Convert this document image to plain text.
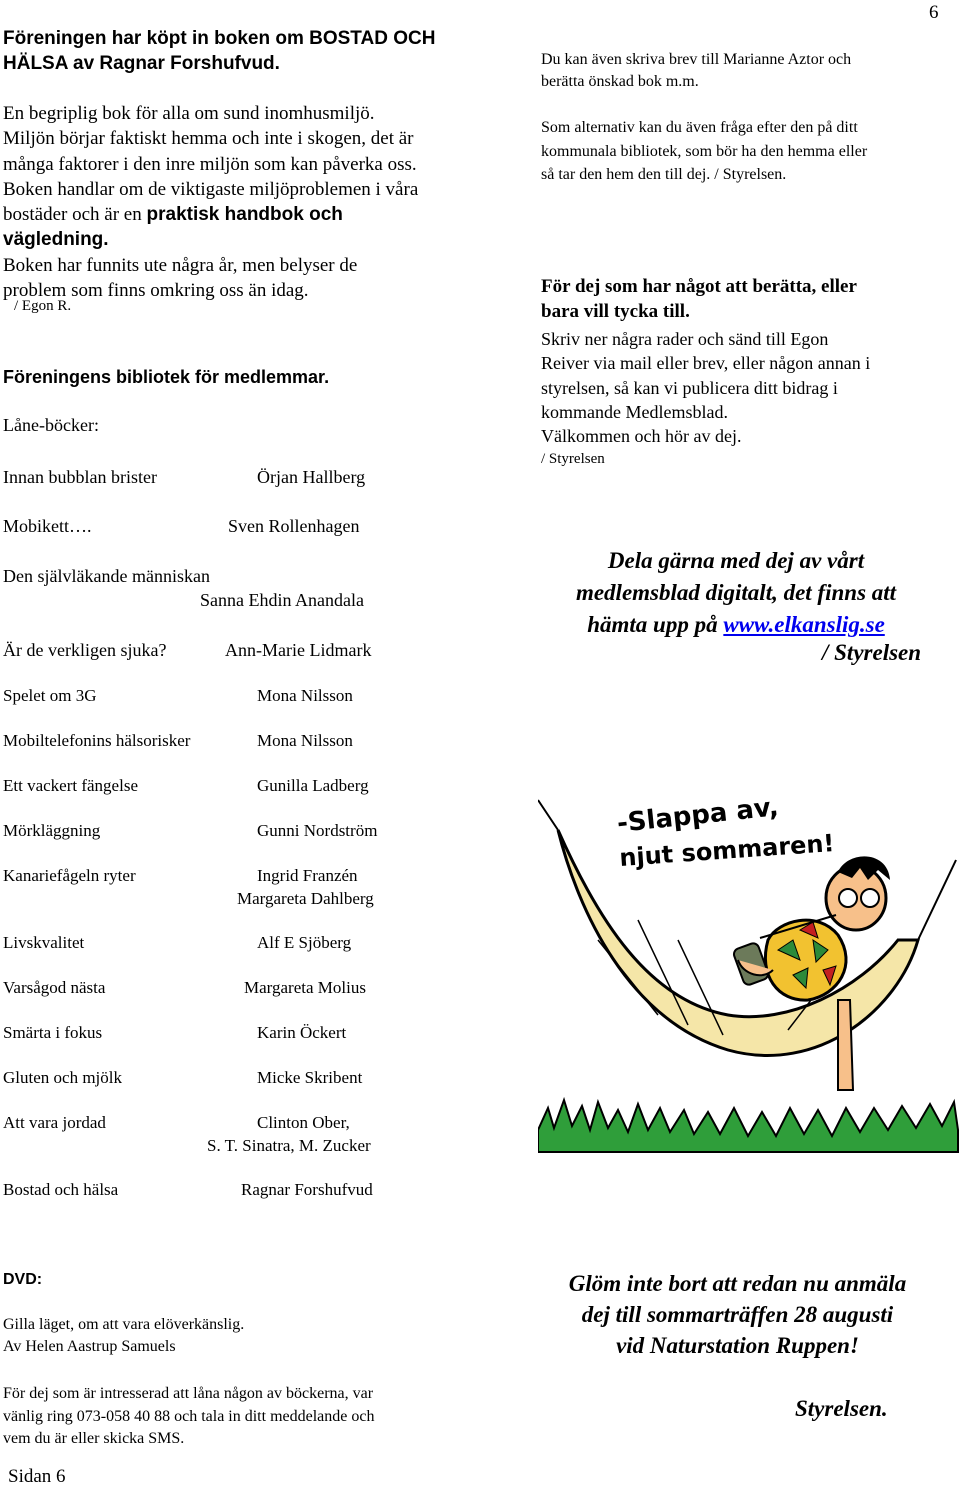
6
Föreningen har köpt in boken om BOSTAD OCH
HÄLSA av Ragnar Forshufvud.
En begriplig bok för alla om sund inomhusmiljö.
Miljön börjar faktiskt hemma och inte i skogen, det är
många faktorer i den inre miljön som kan påverka oss.
Boken handlar om de viktigaste miljöproblemen i våra
bostäder och är en praktisk handbok och
vägledning.
Boken har funnits ute några år, men belyser de
problem som finns omkring oss än idag.
/ Egon R.
Föreningens bibliotek för medlemmar.
Låne-böcker:
Innan bubblan brister	Örjan Hallberg
Mobikett….	Sven Rollenhagen
Den självläkande människan
Sanna Ehdin Anandala
Är de verkligen sjuka?	Ann-Marie Lidmark
Spelet om 3G	Mona Nilsson
Mobiltelefonins hälsorisker	Mona Nilsson
Ett vackert fängelse	Gunilla Ladberg
Mörkläggning	Gunni Nordström
Kanariefågeln ryter	Ingrid Franzén
Margareta Dahlberg
Livskvalitet	Alf E Sjöberg
Varsågod nästa	Margareta Molius
Smärta i fokus	Karin Öckert
Gluten och mjölk	Micke Skribent
Att vara jordad	Clinton Ober,
S. T. Sinatra, M. Zucker
Bostad och hälsa	Ragnar Forshufvud
DVD:
Gilla läget, om att vara elöverkänslig.
Av Helen Aastrup Samuels
För dej som är intresserad att låna någon av böckerna, var
vänlig ring 073-058 40 88 och tala in ditt meddelande och
vem du är eller skicka SMS.
Sidan 6
Du kan även skriva brev till Marianne Aztor och
berätta önskad bok m.m.
Som alternativ kan du även fråga efter den på ditt
kommunala bibliotek, som bör ha den hemma eller
så tar den hem den till dej. / Styrelsen.
För dej som har något att berätta, eller
bara vill tycka till.
Skriv ner några rader och sänd till Egon
Reiver via mail eller brev, eller någon annan i
styrelsen, så kan vi publicera ditt bidrag i
kommande Medlemsblad.
Välkommen och hör av dej.
/ Styrelsen
Dela gärna med dej av vårt
medlemsblad digitalt, det finns att
hämta upp på www.elkanslig.se
/ Styrelsen
-Slappa av,
njut sommaren!
Glöm inte bort att redan nu anmäla
dej till sommarträffen 28 augusti
vid Naturstation Ruppen!
Styrelsen.
